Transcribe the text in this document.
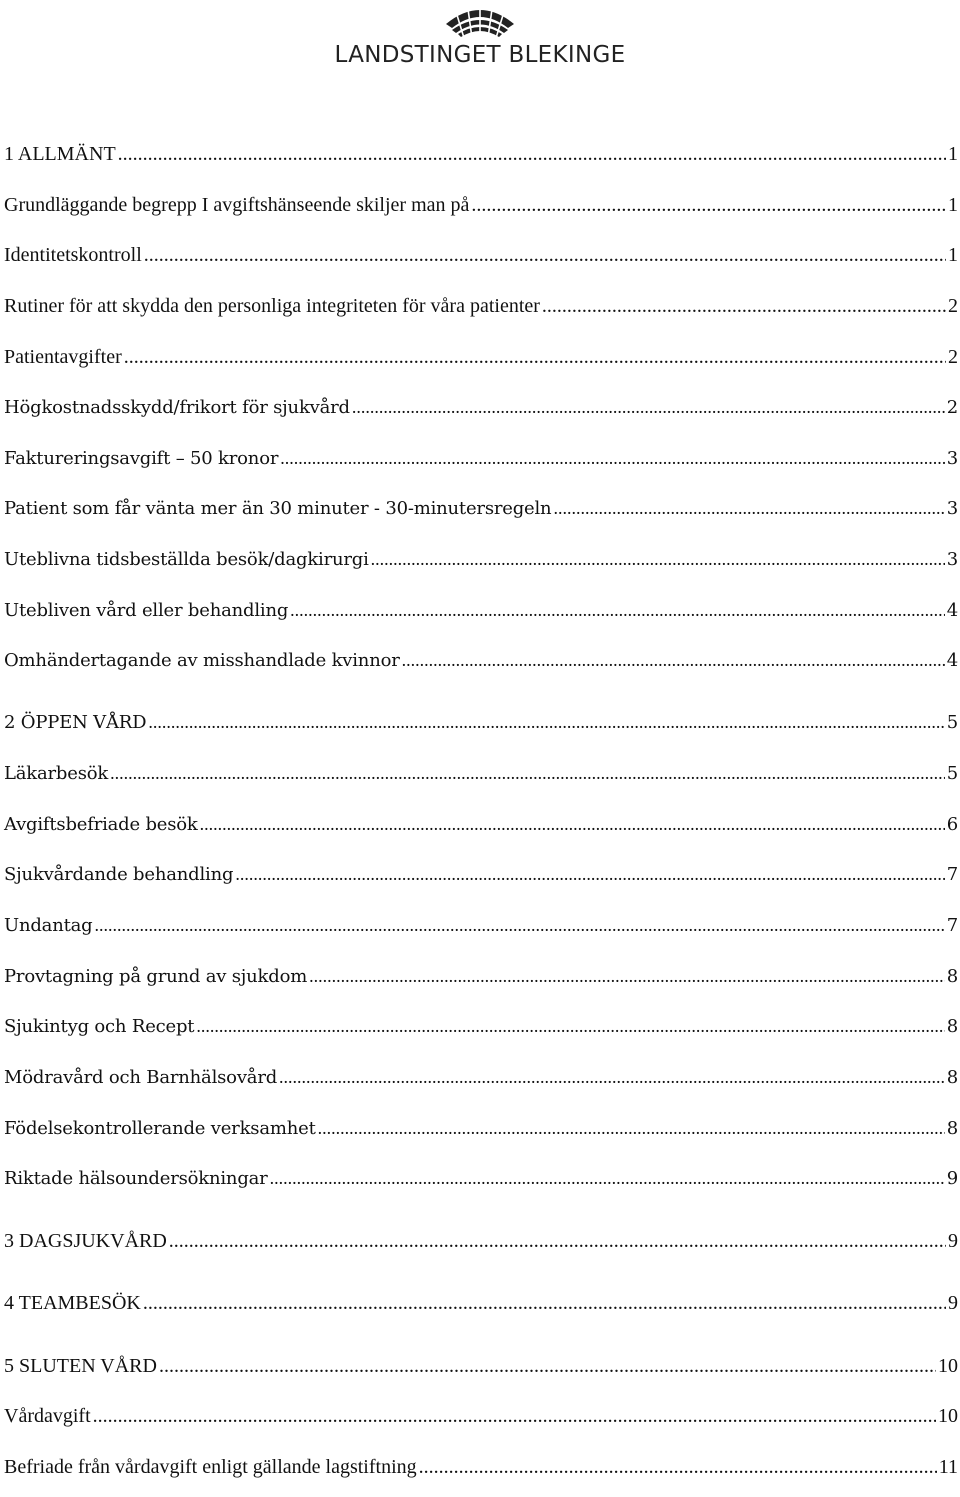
LANDSTINGET BLEKINGE
1 ALLMÄNT .....	1
Grundläggande begrepp I avgiftshänseende skiljer man på .....	1
Identitetskontroll .....	1
Rutiner för att skydda den personliga integriteten för våra patienter .....	2
Patientavgifter .....	2
Högkostnadsskydd/frikort för sjukvård .....	2
Faktureringsavgift – 50 kronor .....	3
Patient som får vänta mer än 30 minuter - 30-minutersregeln .....	3
Uteblivna tidsbeställda besök/dagkirurgi .....	3
Utebliven vård eller behandling .....	4
Omhändertagande av misshandlade kvinnor .....	4
2 ÖPPEN VÅRD .....	5
Läkarbesök .....	5
Avgiftsbefriade besök .....	6
Sjukvårdande behandling .....	7
Undantag .....	7
Provtagning på grund av sjukdom .....	8
Sjukintyg och Recept .....	8
Mödravård och Barnhälsovård .....	8
Födelsekontrollerande verksamhet .....	8
Riktade hälsoundersökningar .....	9
3 DAGSJUKVÅRD .....	9
4 TEAMBESÖK .....	9
5 SLUTEN VÅRD .....	10
Vårdavgift .....	10
Befriade från vårdavgift enligt gällande lagstiftning .....	11
